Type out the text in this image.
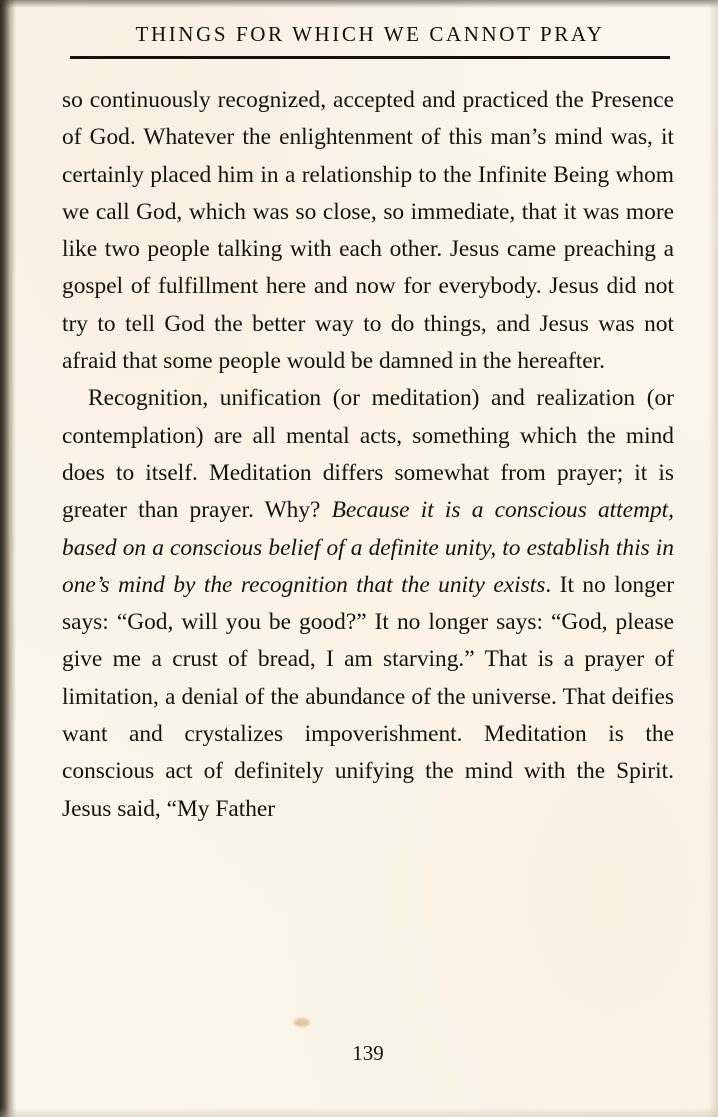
THINGS FOR WHICH WE CANNOT PRAY

so continuously recognized, accepted and practiced the Presence of God. Whatever the enlightenment of this man’s mind was, it certainly placed him in a relationship to the Infinite Being whom we call God, which was so close, so immediate, that it was more like two people talking with each other. Jesus came preaching a gospel of fulfillment here and now for everybody. Jesus did not try to tell God the better way to do things, and Jesus was not afraid that some people would be damned in the hereafter.

Recognition, unification (or meditation) and realization (or contemplation) are all mental acts, something which the mind does to itself. Meditation differs somewhat from prayer; it is greater than prayer. Why? Because it is a conscious attempt, based on a conscious belief of a definite unity, to establish this in one’s mind by the recognition that the unity exists. It no longer says: “God, will you be good?” It no longer says: “God, please give me a crust of bread, I am starving.” That is a prayer of limitation, a denial of the abundance of the universe. That deifies want and crystalizes impoverishment. Meditation is the conscious act of definitely unifying the mind with the Spirit. Jesus said, “My Father

139
